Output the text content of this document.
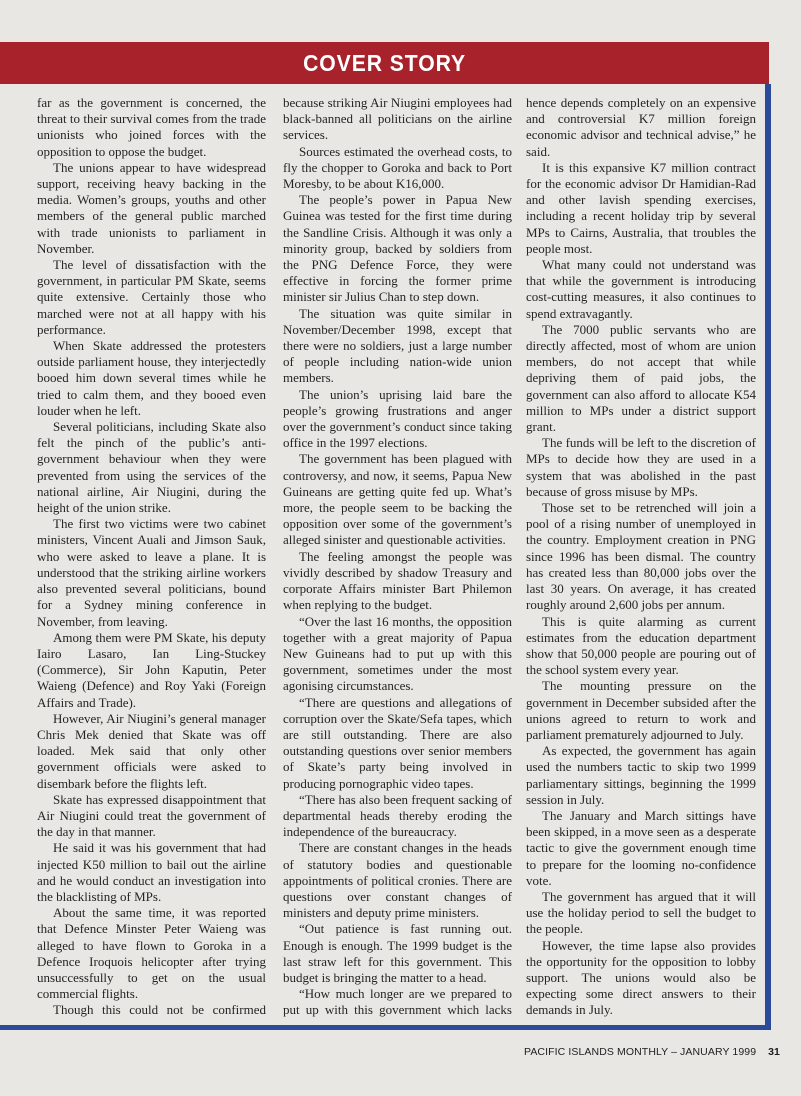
COVER STORY

far as the government is concerned, the threat to their survival comes from the trade unionists who joined forces with the opposition to oppose the budget.

The unions appear to have widespread support, receiving heavy backing in the media. Women’s groups, youths and other members of the general public marched with trade unionists to parliament in November.

The level of dissatisfaction with the government, in particular PM Skate, seems quite extensive. Certainly those who marched were not at all happy with his performance.

When Skate addressed the protesters outside parliament house, they interjectedly booed him down several times while he tried to calm them, and they booed even louder when he left.

Several politicians, including Skate also felt the pinch of the public’s anti-government behaviour when they were prevented from using the services of the national airline, Air Niugini, during the height of the union strike.

The first two victims were two cabinet ministers, Vincent Auali and Jimson Sauk, who were asked to leave a plane. It is understood that the striking airline workers also prevented several politicians, bound for a Sydney mining conference in November, from leaving.

Among them were PM Skate, his deputy Iairo Lasaro, Ian Ling-Stuckey (Commerce), Sir John Kaputin, Peter Waieng (Defence) and Roy Yaki (Foreign Affairs and Trade).

However, Air Niugini’s general manager Chris Mek denied that Skate was off loaded. Mek said that only other government officials were asked to disembark before the flights left.

Skate has expressed disappointment that Air Niugini could treat the government of the day in that manner.

He said it was his government that had injected K50 million to bail out the airline and he would conduct an investigation into the blacklisting of MPs.

About the same time, it was reported that Defence Minster Peter Waieng was alleged to have flown to Goroka in a Defence Iroquois helicopter after trying unsuccessfully to get on the usual commercial flights.

Though this could not be confirmed

because striking Air Niugini employees had black-banned all politicians on the airline services.

Sources estimated the overhead costs, to fly the chopper to Goroka and back to Port Moresby, to be about K16,000.

The people’s power in Papua New Guinea was tested for the first time during the Sandline Crisis. Although it was only a minority group, backed by soldiers from the PNG Defence Force, they were effective in forcing the former prime minister sir Julius Chan to step down.

The situation was quite similar in November/December 1998, except that there were no soldiers, just a large number of people including nation-wide union members.

The union’s uprising laid bare the people’s growing frustrations and anger over the government’s conduct since taking office in the 1997 elections.

The government has been plagued with controversy, and now, it seems, Papua New Guineans are getting quite fed up. What’s more, the people seem to be backing the opposition over some of the government’s alleged sinister and questionable activities.

The feeling amongst the people was vividly described by shadow Treasury and corporate Affairs minister Bart Philemon when replying to the budget.

“Over the last 16 months, the opposition together with a great majority of Papua New Guineans had to put up with this government, sometimes under the most agonising circumstances.

“There are questions and allegations of corruption over the Skate/Sefa tapes, which are still outstanding. There are also outstanding questions over senior members of Skate’s party being involved in producing pornographic video tapes.

“There has also been frequent sacking of departmental heads thereby eroding the independence of the bureaucracy.

There are constant changes in the heads of statutory bodies and questionable appointments of political cronies. There are questions over constant changes of ministers and deputy prime ministers.

“Out patience is fast running out. Enough is enough. The 1999 budget is the last straw left for this government. This budget is bringing the matter to a head.

“How much longer are we prepared to put up with this government which lacks

hence depends completely on an expensive and controversial K7 million foreign economic advisor and technical advise,” he said.

It is this expansive K7 million contract for the economic advisor Dr Hamidian-Rad and other lavish spending exercises, including a recent holiday trip by several MPs to Cairns, Australia, that troubles the people most.

What many could not understand was that while the government is introducing cost-cutting measures, it also continues to spend extravagantly.

The 7000 public servants who are directly affected, most of whom are union members, do not accept that while depriving them of paid jobs, the government can also afford to allocate K54 million to MPs under a district support grant.

The funds will be left to the discretion of MPs to decide how they are used in a system that was abolished in the past because of gross misuse by MPs.

Those set to be retrenched will join a pool of a rising number of unemployed in the country. Employment creation in PNG since 1996 has been dismal. The country has created less than 80,000 jobs over the last 30 years. On average, it has created roughly around 2,600 jobs per annum.

This is quite alarming as current estimates from the education department show that 50,000 people are pouring out of the school system every year.

The mounting pressure on the government in December subsided after the unions agreed to return to work and parliament prematurely adjourned to July.

As expected, the government has again used the numbers tactic to skip two 1999 parliamentary sittings, beginning the 1999 session in July.

The January and March sittings have been skipped, in a move seen as a desperate tactic to give the government enough time to prepare for the looming no-confidence vote.

The government has argued that it will use the holiday period to sell the budget to the people.

However, the time lapse also provides the opportunity for the opposition to lobby support. The unions would also be expecting some direct answers to their demands in July.

PACIFIC ISLANDS MONTHLY – JANUARY 1999 31
